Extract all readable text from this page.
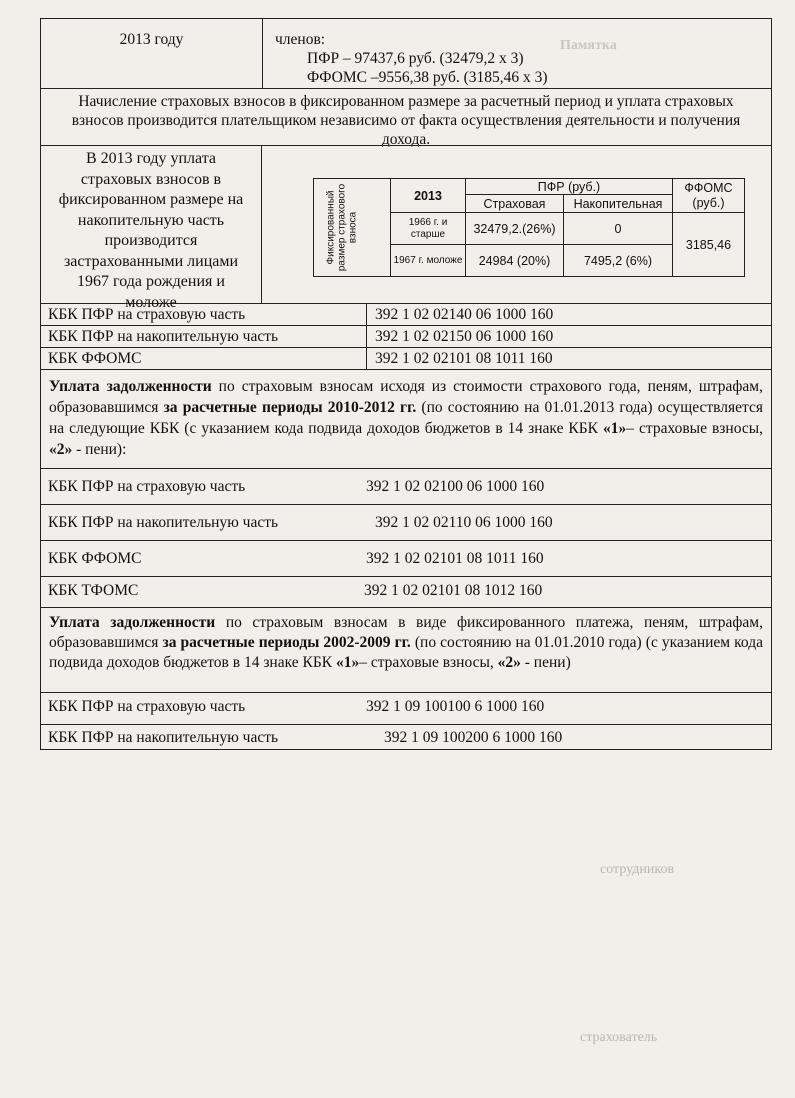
Памятка
сотрудников
страхователь
2013 году	членов:
ПФР – 97437,6 руб. (32479,2 х 3)
ФФОМС –9556,38 руб. (3185,46 х 3)
Начисление страховых взносов в фиксированном размере за расчетный период и уплата страховых взносов производится плательщиком независимо от факта осуществления деятельности и получения дохода.
В 2013 году уплата страховых взносов в фиксированном размере на накопительную часть производится застрахованными лицами 1967 года рождения и моложе
Фиксированный размер страхового взноса	2013	ПФР (руб.)		ФФОМС (руб.)
		Страховая	Накопительная	
	1966 г. и старше	32479,2.(26%)	0	3185,46
	1967 г. моложе	24984 (20%)	7495,2 (6%)	
КБК ПФР на страховую часть	392 1 02 02140 06 1000 160
КБК ПФР на накопительную часть	392 1 02 02150 06 1000 160
КБК ФФОМС	392 1 02 02101 08 1011 160
Уплата задолженности по страховым взносам исходя из стоимости страхового года, пеням, штрафам, образовавшимся за расчетные периоды 2010-2012 гг. (по состоянию на 01.01.2013 года) осуществляется на следующие КБК (с указанием кода подвида доходов бюджетов в 14 знаке КБК «1»– страховые взносы, «2» - пени):
КБК ПФР на страховую часть	392 1 02 02100 06 1000 160
КБК ПФР на накопительную часть	392 1 02 02110 06 1000 160
КБК ФФОМС	392 1 02 02101 08 1011 160
КБК ТФОМС	392 1 02 02101 08 1012 160
Уплата задолженности по страховым взносам в виде фиксированного платежа, пеням, штрафам, образовавшимся за расчетные периоды 2002-2009 гг. (по состоянию на 01.01.2010 года) (с указанием кода подвида доходов бюджетов в 14 знаке КБК «1»– страховые взносы, «2» - пени)
КБК ПФР на страховую часть	392 1 09 100100 6 1000 160
КБК ПФР на накопительную часть	392 1 09 100200 6 1000 160
